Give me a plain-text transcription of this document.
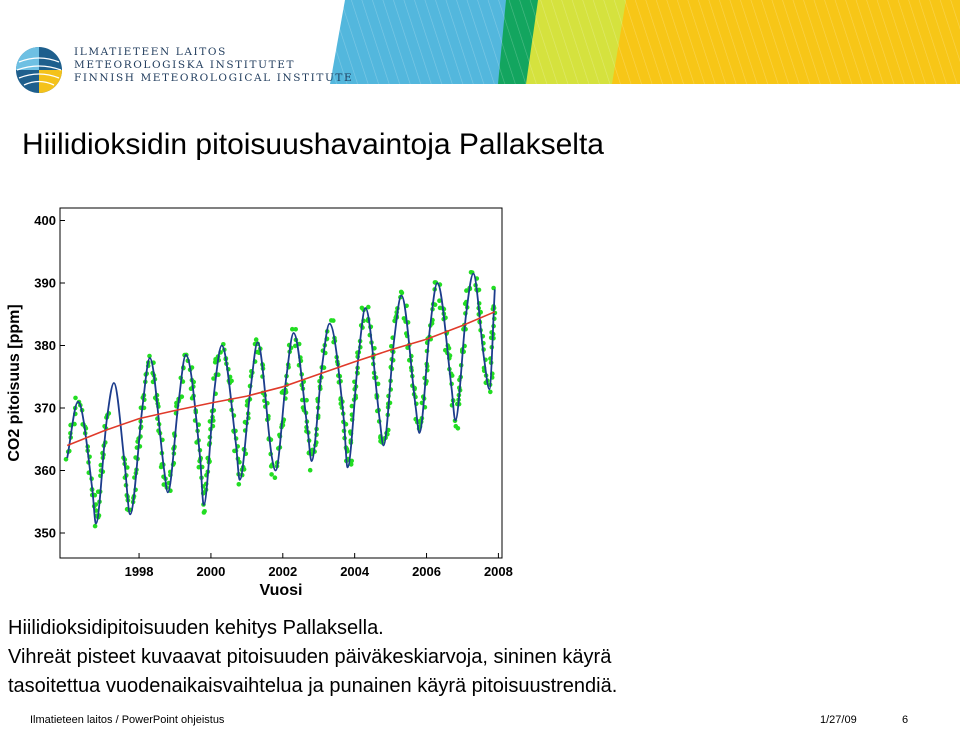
ILMATIETEEN LAITOS
METEOROLOGISKA INSTITUTET
FINNISH METEOROLOGICAL INSTITUTE
Hiilidioksidin pitoisuushavaintoja Pallakselta
1998	2000	2002	2004	2006	2008
350
360
370
380
390
400
Vuosi
CO2 pitoisuus [ppm]

Hiilidioksidipitoisuuden kehitys Pallaksella.

Vihreät pisteet kuvaavat pitoisuuden päiväkeskiarvoja, sininen käyrä

tasoitettua vuodenaikaisvaihtelua ja punainen käyrä pitoisuustrendiä.

Ilmatieteen laitos / PowerPoint ohjeistus	1/27/09	6
